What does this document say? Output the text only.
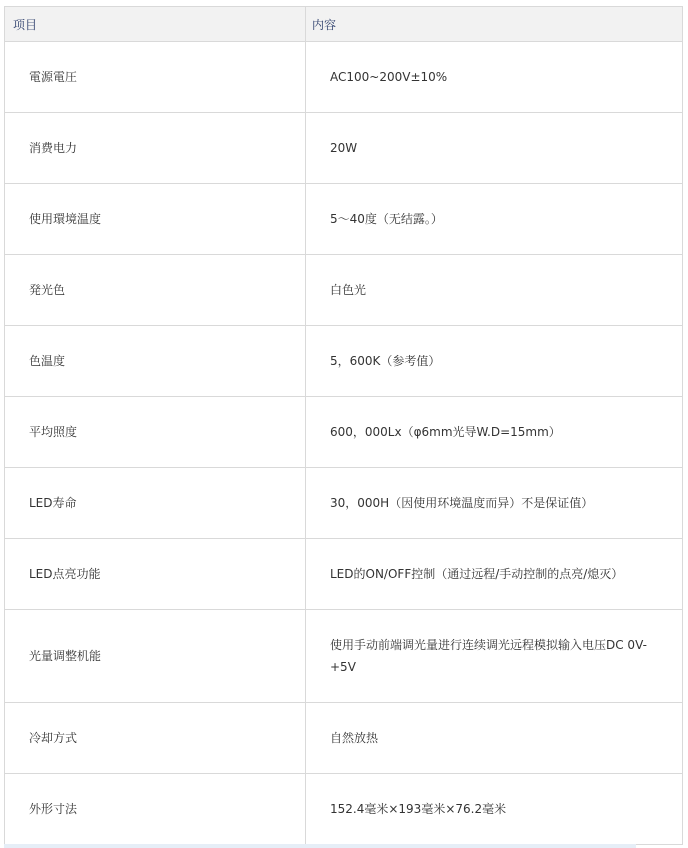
项目	内容
電源電圧	AC100~200V±10%
消费电力	20W
使用環境温度	5～40度（无结露。）
発光色	白色光
色温度	5，600K（参考值）
平均照度	600，000Lx（φ6mm光导W.D=15mm）
LED寿命	30，000H（因使用环境温度而异）不是保证值）
LED点亮功能	LED的ON/OFF控制（通过远程/手动控制的点亮/熄灭）
光量调整机能	使用手动前端调光量进行连续调光远程模拟输入电压DC 0V-+5V
冷却方式	自然放热
外形寸法	152.4毫米×193毫米×76.2毫米
